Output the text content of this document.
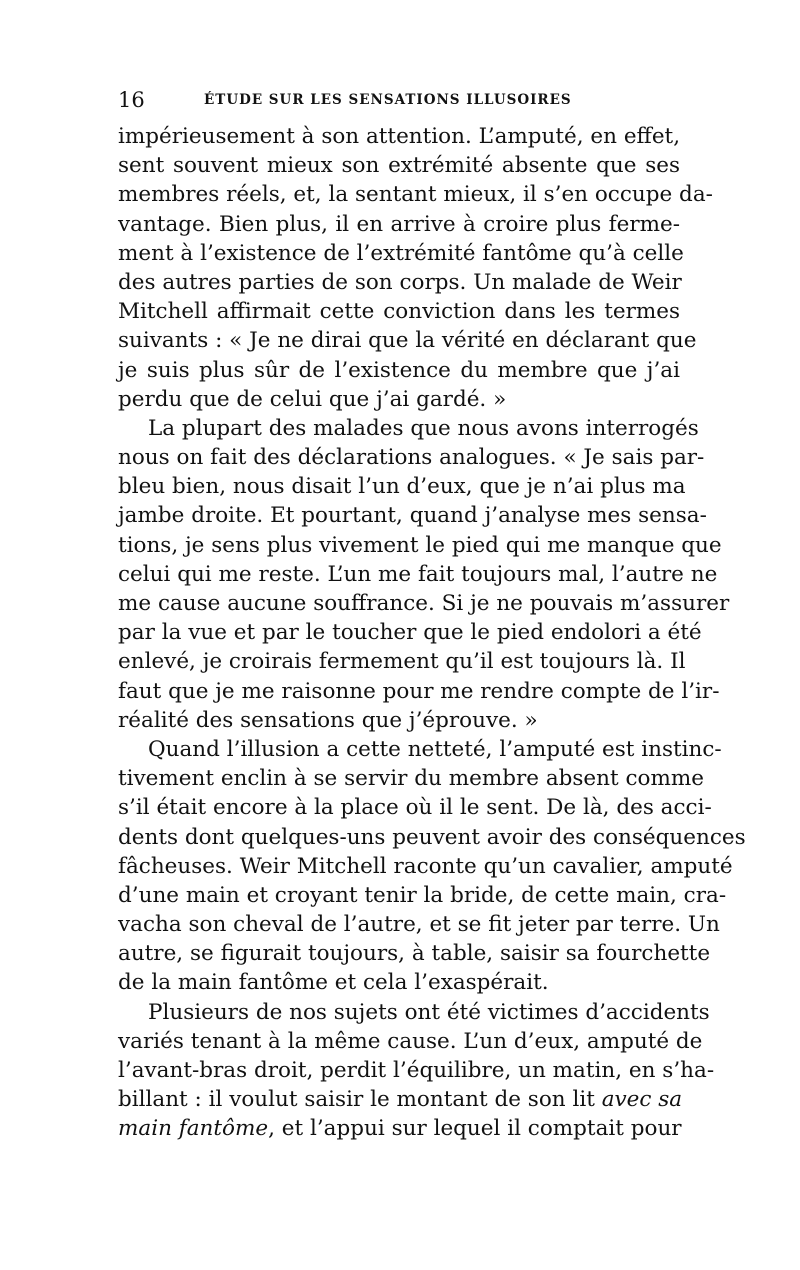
16	ÉTUDE SUR LES SENSATIONS ILLUSOIRES
impérieusement à son attention. L’amputé, en effet,
sent souvent mieux son extrémité absente que ses
membres réels, et, la sentant mieux, il s’en occupe da-
vantage. Bien plus, il en arrive à croire plus ferme-
ment à l’existence de l’extrémité fantôme qu’à celle
des autres parties de son corps. Un malade de Weir
Mitchell affirmait cette conviction dans les termes
suivants : « Je ne dirai que la vérité en déclarant que
je suis plus sûr de l’existence du membre que j’ai
perdu que de celui que j’ai gardé. »
La plupart des malades que nous avons interrogés
nous on fait des déclarations analogues. « Je sais par-
bleu bien, nous disait l’un d’eux, que je n’ai plus ma
jambe droite. Et pourtant, quand j’analyse mes sensa-
tions, je sens plus vivement le pied qui me manque que
celui qui me reste. L’un me fait toujours mal, l’autre ne
me cause aucune souffrance. Si je ne pouvais m’assurer
par la vue et par le toucher que le pied endolori a été
enlevé, je croirais fermement qu’il est toujours là. Il
faut que je me raisonne pour me rendre compte de l’ir-
réalité des sensations que j’éprouve. »
Quand l’illusion a cette netteté, l’amputé est instinc-
tivement enclin à se servir du membre absent comme
s’il était encore à la place où il le sent. De là, des acci-
dents dont quelques-uns peuvent avoir des conséquences
fâcheuses. Weir Mitchell raconte qu’un cavalier, amputé
d’une main et croyant tenir la bride, de cette main, cra-
vacha son cheval de l’autre, et se fit jeter par terre. Un
autre, se figurait toujours, à table, saisir sa fourchette
de la main fantôme et cela l’exaspérait.
Plusieurs de nos sujets ont été victimes d’accidents
variés tenant à la même cause. L’un d’eux, amputé de
l’avant-bras droit, perdit l’équilibre, un matin, en s’ha-
billant : il voulut saisir le montant de son lit avec sa
main fantôme, et l’appui sur lequel il comptait pour
